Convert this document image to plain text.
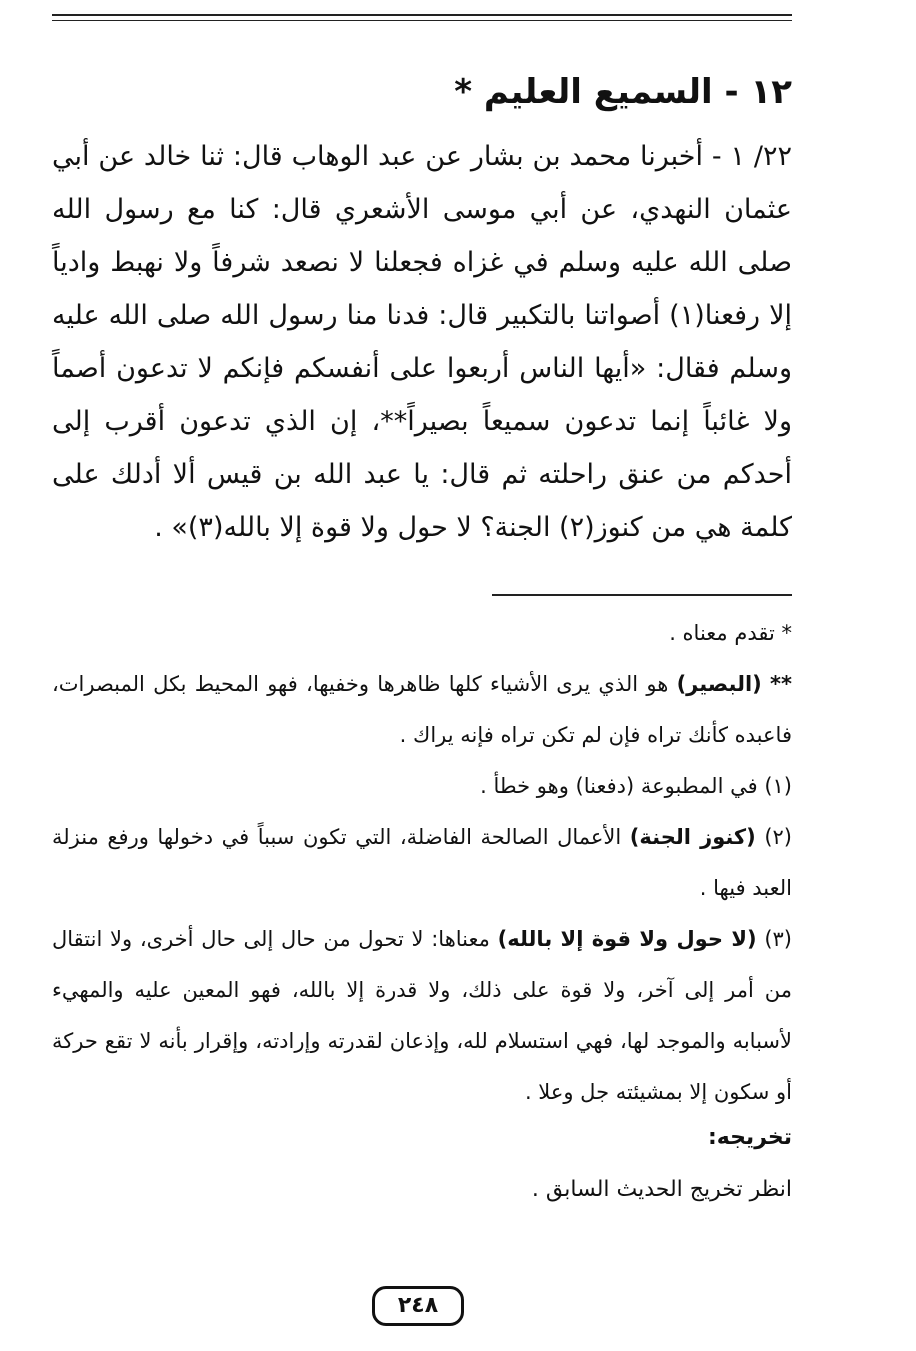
١٢ - السميع العليم *

٢٢/ ١ - أخبرنا محمد بن بشار عن عبد الوهاب قال: ثنا خالد عن أبي عثمان النهدي، عن أبي موسى الأشعري قال: كنا مع رسول الله صلى الله عليه وسلم في غزاه فجعلنا لا نصعد شرفاً ولا نهبط وادياً إلا رفعنا(١) أصواتنا بالتكبير قال: فدنا منا رسول الله صلى الله عليه وسلم فقال: «أيها الناس أربعوا على أنفسكم فإنكم لا تدعون أصماً ولا غائباً إنما تدعون سميعاً بصيراً**، إن الذي تدعون أقرب إلى أحدكم من عنق راحلته ثم قال: يا عبد الله بن قيس ألا أدلك على كلمة هي من كنوز(٢) الجنة؟ لا حول ولا قوة إلا بالله(٣)» .

* تقدم معناه .

** (البصير) هو الذي يرى الأشياء كلها ظاهرها وخفيها، فهو المحيط بكل المبصرات، فاعبده كأنك تراه فإن لم تكن تراه فإنه يراك .

(١) في المطبوعة (دفعنا) وهو خطأ .

(٢) (كنوز الجنة) الأعمال الصالحة الفاضلة، التي تكون سبباً في دخولها ورفع منزلة العبد فيها .

(٣) (لا حول ولا قوة إلا بالله) معناها: لا تحول من حال إلى حال أخرى، ولا انتقال من أمر إلى آخر، ولا قوة على ذلك، ولا قدرة إلا بالله، فهو المعين عليه والمهيء لأسبابه والموجد لها، فهي استسلام لله، وإذعان لقدرته وإرادته، وإقرار بأنه لا تقع حركة أو سكون إلا بمشيئته جل وعلا .

تخريجه:
انظر تخريج الحديث السابق .
٢٤٨
